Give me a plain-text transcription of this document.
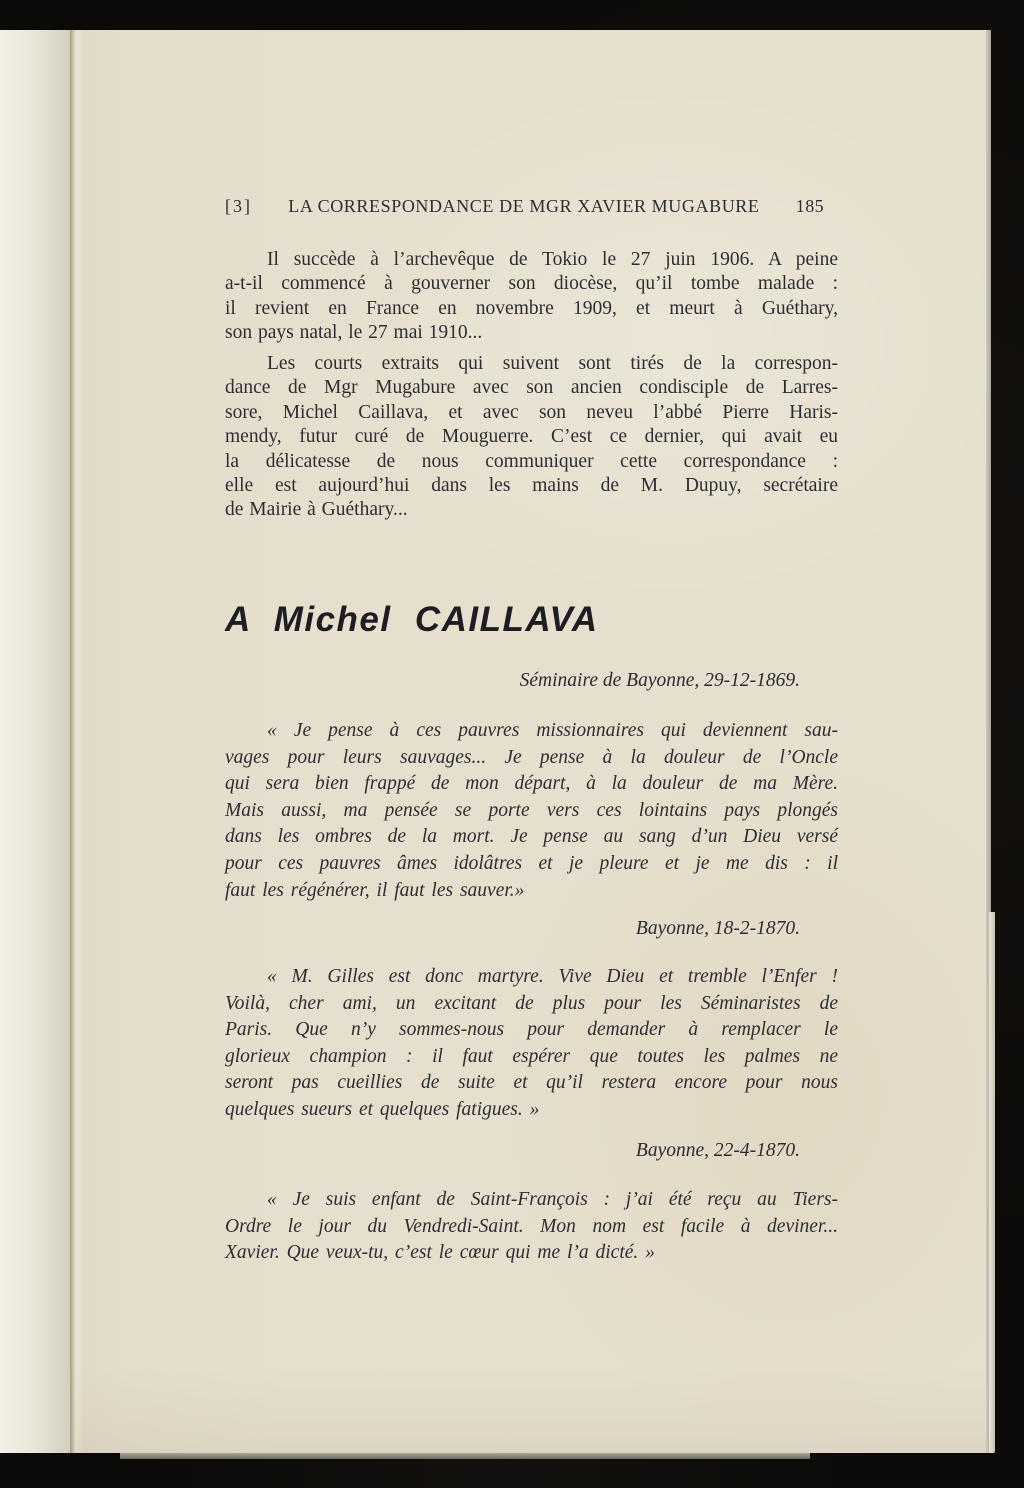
[3]	LA CORRESPONDANCE DE MGR XAVIER MUGABURE	185
Il succède à l’archevêque de Tokio le 27 juin 1906. A peine
a-t-il commencé à gouverner son diocèse, qu’il tombe malade :
il revient en France en novembre 1909, et meurt à Guéthary,
son pays natal, le 27 mai 1910...
Les courts extraits qui suivent sont tirés de la correspon-
dance de Mgr Mugabure avec son ancien condisciple de Larres-
sore, Michel Caillava, et avec son neveu l’abbé Pierre Haris-
mendy, futur curé de Mouguerre. C’est ce dernier, qui avait eu
la délicatesse de nous communiquer cette correspondance :
elle est aujourd’hui dans les mains de M. Dupuy, secrétaire
de Mairie à Guéthary...
A Michel CAILLAVA
Séminaire de Bayonne, 29-12-1869.
« Je pense à ces pauvres missionnaires qui deviennent sau-
vages pour leurs sauvages... Je pense à la douleur de l’Oncle
qui sera bien frappé de mon départ, à la douleur de ma Mère.
Mais aussi, ma pensée se porte vers ces lointains pays plongés
dans les ombres de la mort. Je pense au sang d’un Dieu versé
pour ces pauvres âmes idolâtres et je pleure et je me dis : il
faut les régénérer, il faut les sauver.»
Bayonne, 18-2-1870.
« M. Gilles est donc martyre. Vive Dieu et tremble l’Enfer !
Voilà, cher ami, un excitant de plus pour les Séminaristes de
Paris. Que n’y sommes-nous pour demander à remplacer le
glorieux champion : il faut espérer que toutes les palmes ne
seront pas cueillies de suite et qu’il restera encore pour nous
quelques sueurs et quelques fatigues. »
Bayonne, 22-4-1870.
« Je suis enfant de Saint-François : j’ai été reçu au Tiers-
Ordre le jour du Vendredi-Saint. Mon nom est facile à deviner...
Xavier. Que veux-tu, c’est le cœur qui me l’a dicté. »
